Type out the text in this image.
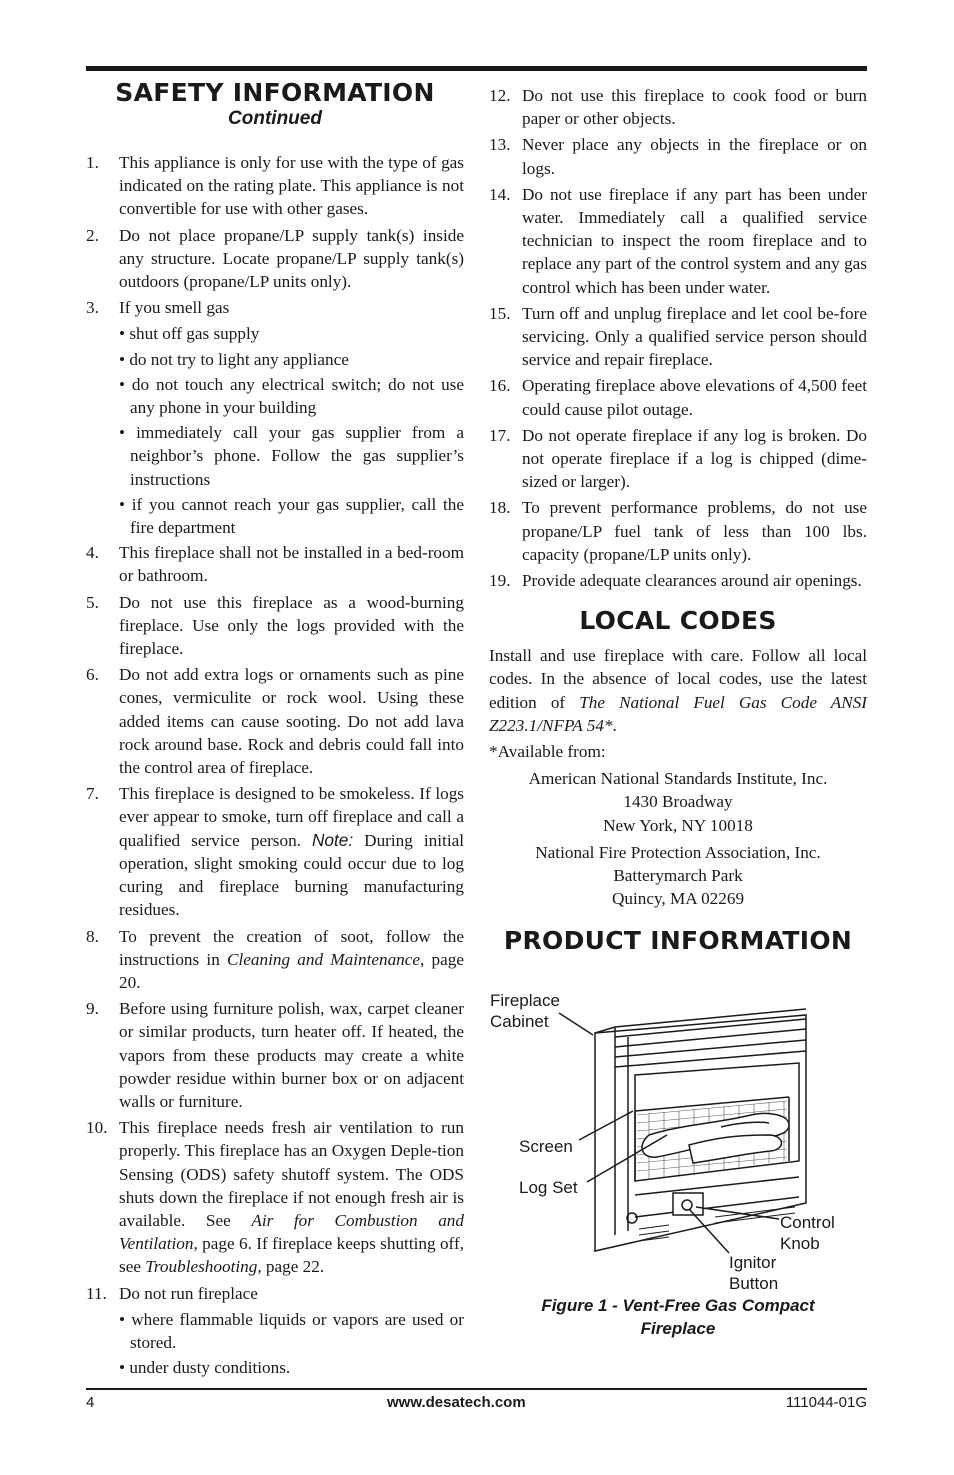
SAFETY INFORMATION
Continued
1. This appliance is only for use with the type of gas indicated on the rating plate. This appliance is not convertible for use with other gases.
2. Do not place propane/LP supply tank(s) inside any structure. Locate propane/LP supply tank(s) outdoors (propane/LP units only).
3. If you smell gas
• shut off gas supply
• do not try to light any appliance
• do not touch any electrical switch; do not use any phone in your building
• immediately call your gas supplier from a neighbor’s phone. Follow the gas supplier’s instructions
• if you cannot reach your gas supplier, call the fire department
4. This fireplace shall not be installed in a bed-room or bathroom.
5. Do not use this fireplace as a wood-burning fireplace. Use only the logs provided with the fireplace.
6. Do not add extra logs or ornaments such as pine cones, vermiculite or rock wool. Using these added items can cause sooting. Do not add lava rock around base. Rock and debris could fall into the control area of fireplace.
7. This fireplace is designed to be smokeless. If logs ever appear to smoke, turn off fireplace and call a qualified service person. Note: During initial operation, slight smoking could occur due to log curing and fireplace burning manufacturing residues.
8. To prevent the creation of soot, follow the instructions in Cleaning and Maintenance, page 20.
9. Before using furniture polish, wax, carpet cleaner or similar products, turn heater off. If heated, the vapors from these products may create a white powder residue within burner box or on adjacent walls or furniture.
10. This fireplace needs fresh air ventilation to run properly. This fireplace has an Oxygen Deple-tion Sensing (ODS) safety shutoff system. The ODS shuts down the fireplace if not enough fresh air is available. See Air for Combustion and Ventilation, page 6. If fireplace keeps shutting off, see Troubleshooting, page 22.
11. Do not run fireplace
• where flammable liquids or vapors are used or stored.
• under dusty conditions.
12. Do not use this fireplace to cook food or burn paper or other objects.
13. Never place any objects in the fireplace or on logs.
14. Do not use fireplace if any part has been under water. Immediately call a qualified service technician to inspect the room fireplace and to replace any part of the control system and any gas control which has been under water.
15. Turn off and unplug fireplace and let cool be-fore servicing. Only a qualified service person should service and repair fireplace.
16. Operating fireplace above elevations of 4,500 feet could cause pilot outage.
17. Do not operate fireplace if any log is broken. Do not operate fireplace if a log is chipped (dime-sized or larger).
18. To prevent performance problems, do not use propane/LP fuel tank of less than 100 lbs. capacity (propane/LP units only).
19. Provide adequate clearances around air openings.
LOCAL CODES

Install and use fireplace with care. Follow all local codes. In the absence of local codes, use the latest edition of The National Fuel Gas Code ANSI Z223.1/NFPA 54*.

*Available from:

American National Standards Institute, Inc.

1430 Broadway

New York, NY 10018

National Fire Protection Association, Inc.

Batterymarch Park

Quincy, MA 02269

PRODUCT INFORMATION
Fireplace
Cabinet
Screen
Log Set
Control
Knob
Ignitor
Button
Figure 1 - Vent-Free Gas Compact
Fireplace
4	www.desatech.com	111044-01G
